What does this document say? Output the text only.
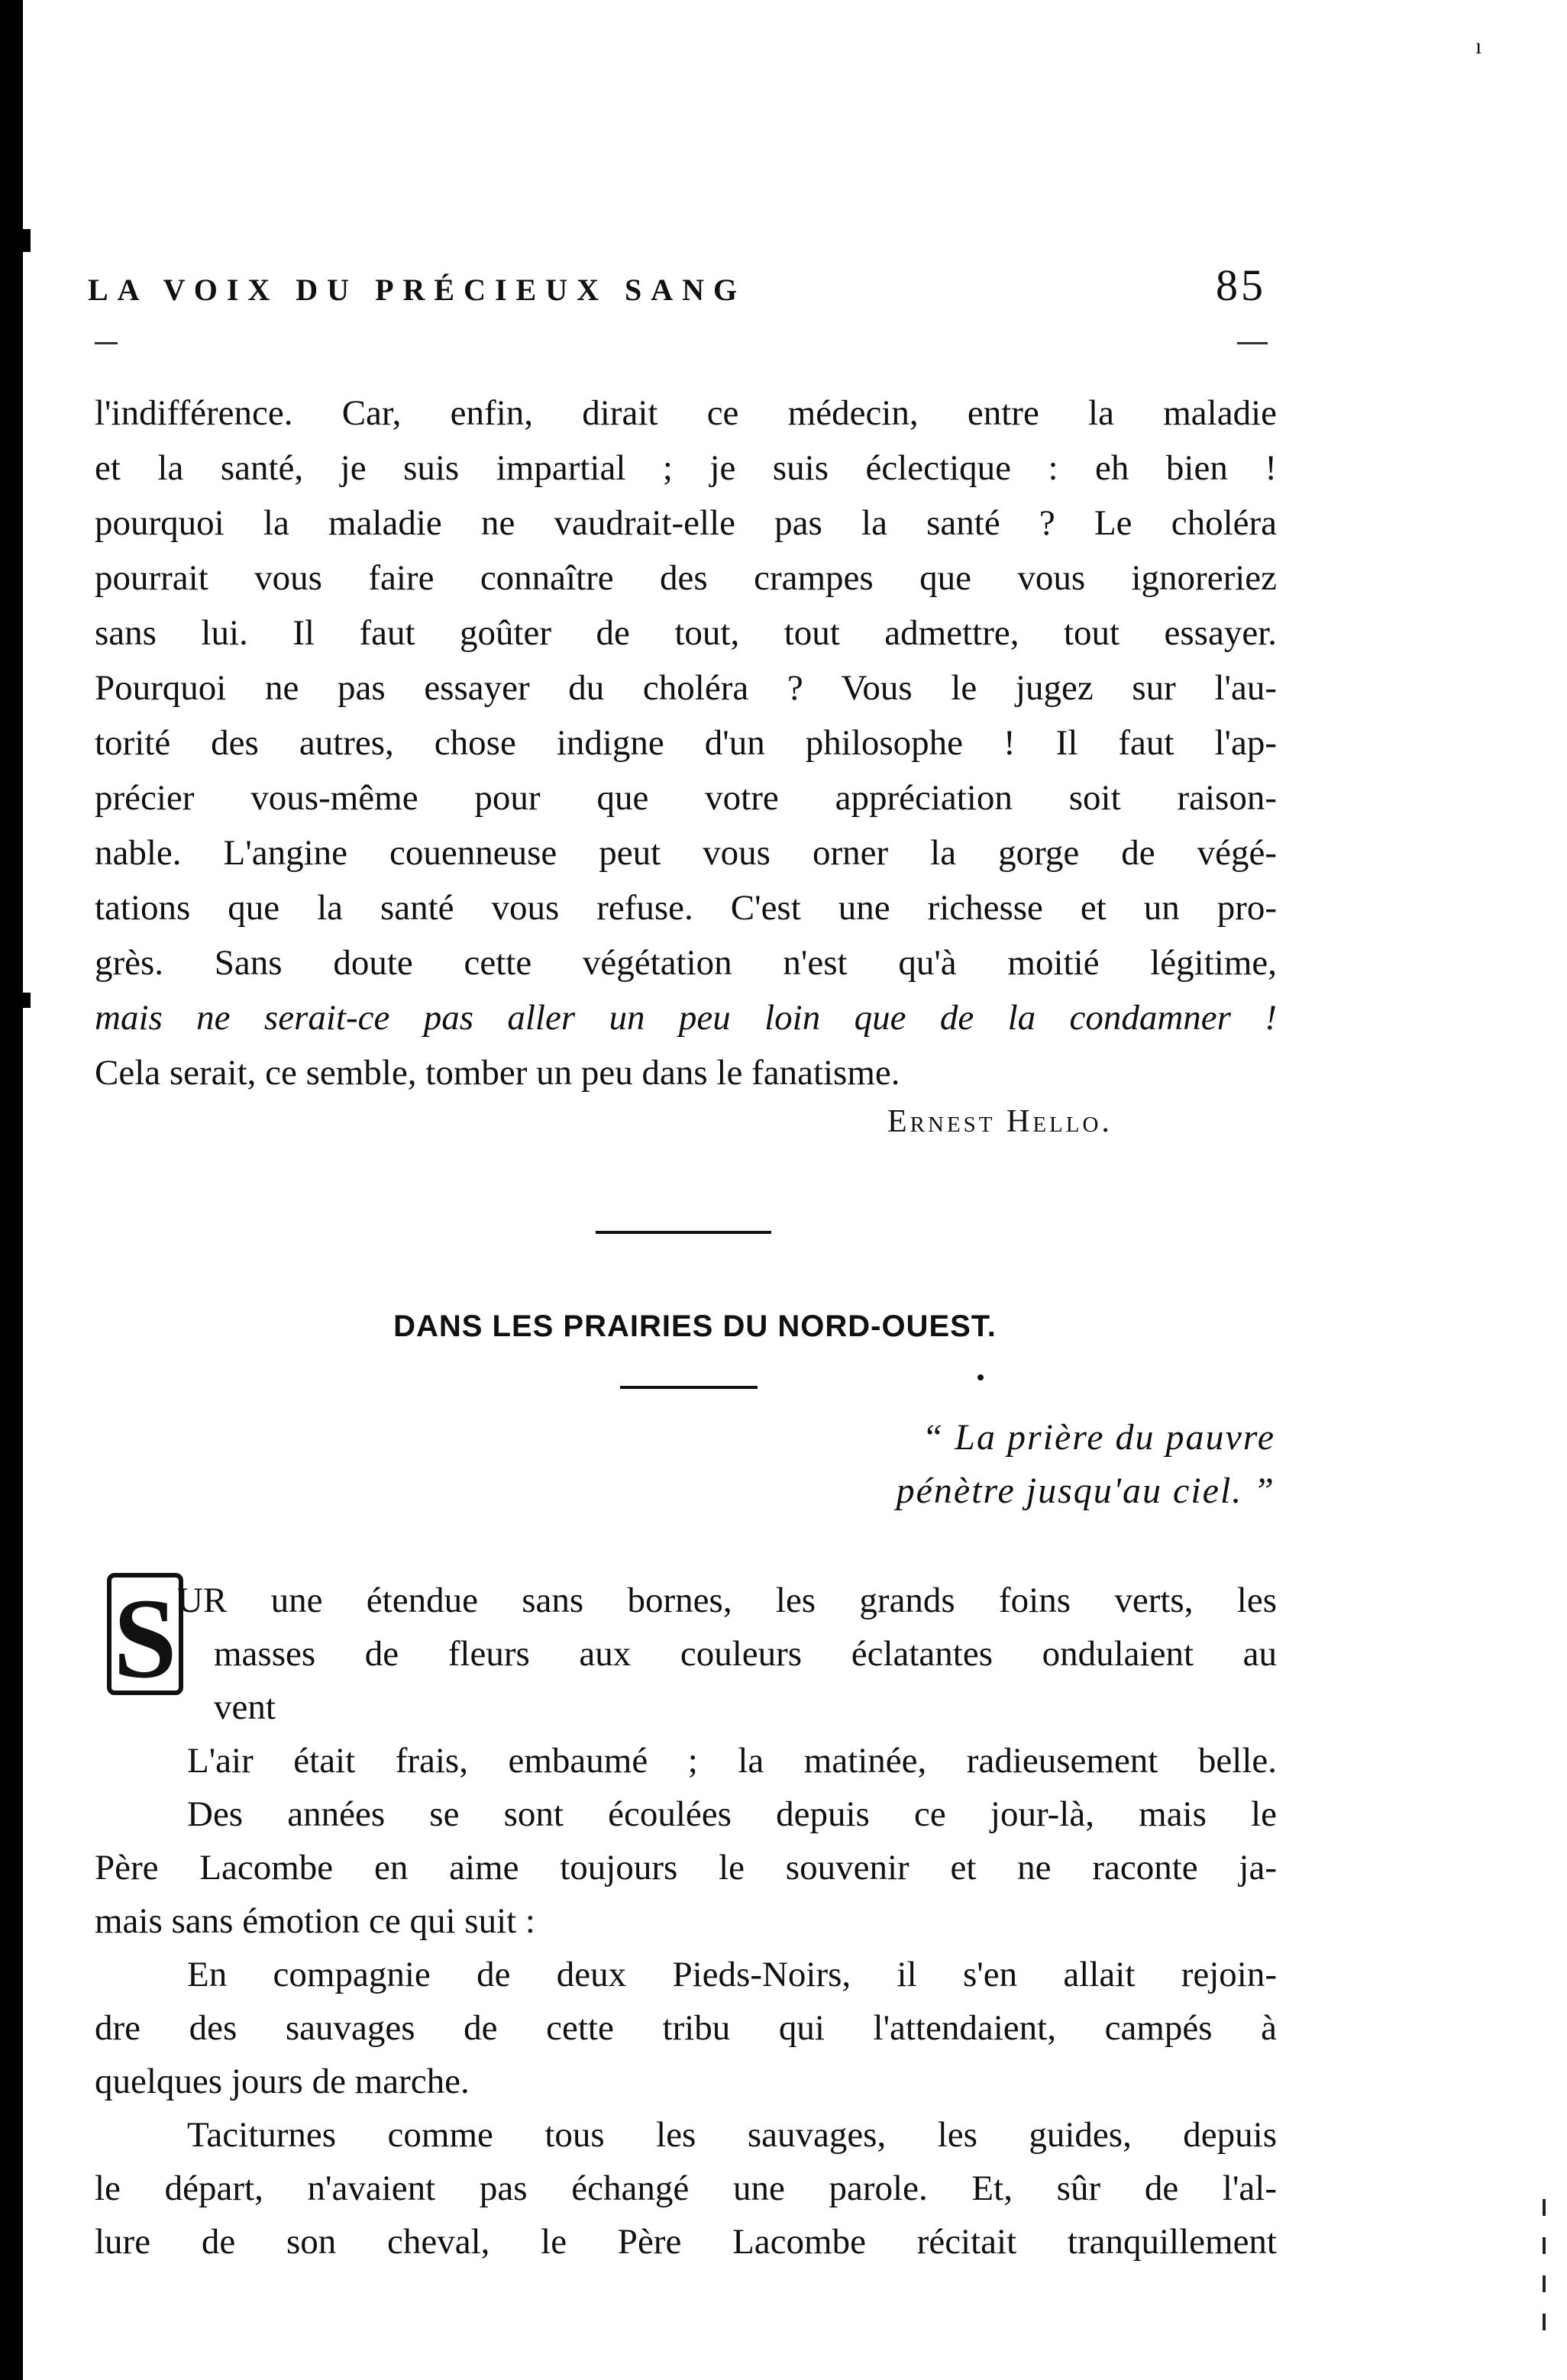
ı
LA VOIX DU PRÉCIEUX SANG	85
l'indifférence. Car, enfin, dirait ce médecin, entre la maladie
et la santé, je suis impartial ; je suis éclectique : eh bien !
pourquoi la maladie ne vaudrait-elle pas la santé ? Le choléra
pourrait vous faire connaître des crampes que vous ignoreriez
sans lui. Il faut goûter de tout, tout admettre, tout essayer.
Pourquoi ne pas essayer du choléra ? Vous le jugez sur l'au-
torité des autres, chose indigne d'un philosophe ! Il faut l'ap-
précier vous-même pour que votre appréciation soit raison-
nable. L'angine couenneuse peut vous orner la gorge de végé-
tations que la santé vous refuse. C'est une richesse et un pro-
grès. Sans doute cette végétation n'est qu'à moitié légitime,
mais ne serait-ce pas aller un peu loin que de la condamner !
Cela serait, ce semble, tomber un peu dans le fanatisme.
Ernest Hello.
DANS LES PRAIRIES DU NORD-OUEST.
“ La prière du pauvre
pénètre jusqu'au ciel. ”
S UR une étendue sans bornes, les grands foins verts, les
masses de fleurs aux couleurs éclatantes ondulaient au
vent
L'air était frais, embaumé ; la matinée, radieusement belle.
Des années se sont écoulées depuis ce jour-là, mais le
Père Lacombe en aime toujours le souvenir et ne raconte ja-
mais sans émotion ce qui suit :
En compagnie de deux Pieds-Noirs, il s'en allait rejoin-
dre des sauvages de cette tribu qui l'attendaient, campés à
quelques jours de marche.
Taciturnes comme tous les sauvages, les guides, depuis
le départ, n'avaient pas échangé une parole. Et, sûr de l'al-
lure de son cheval, le Père Lacombe récitait tranquillement
